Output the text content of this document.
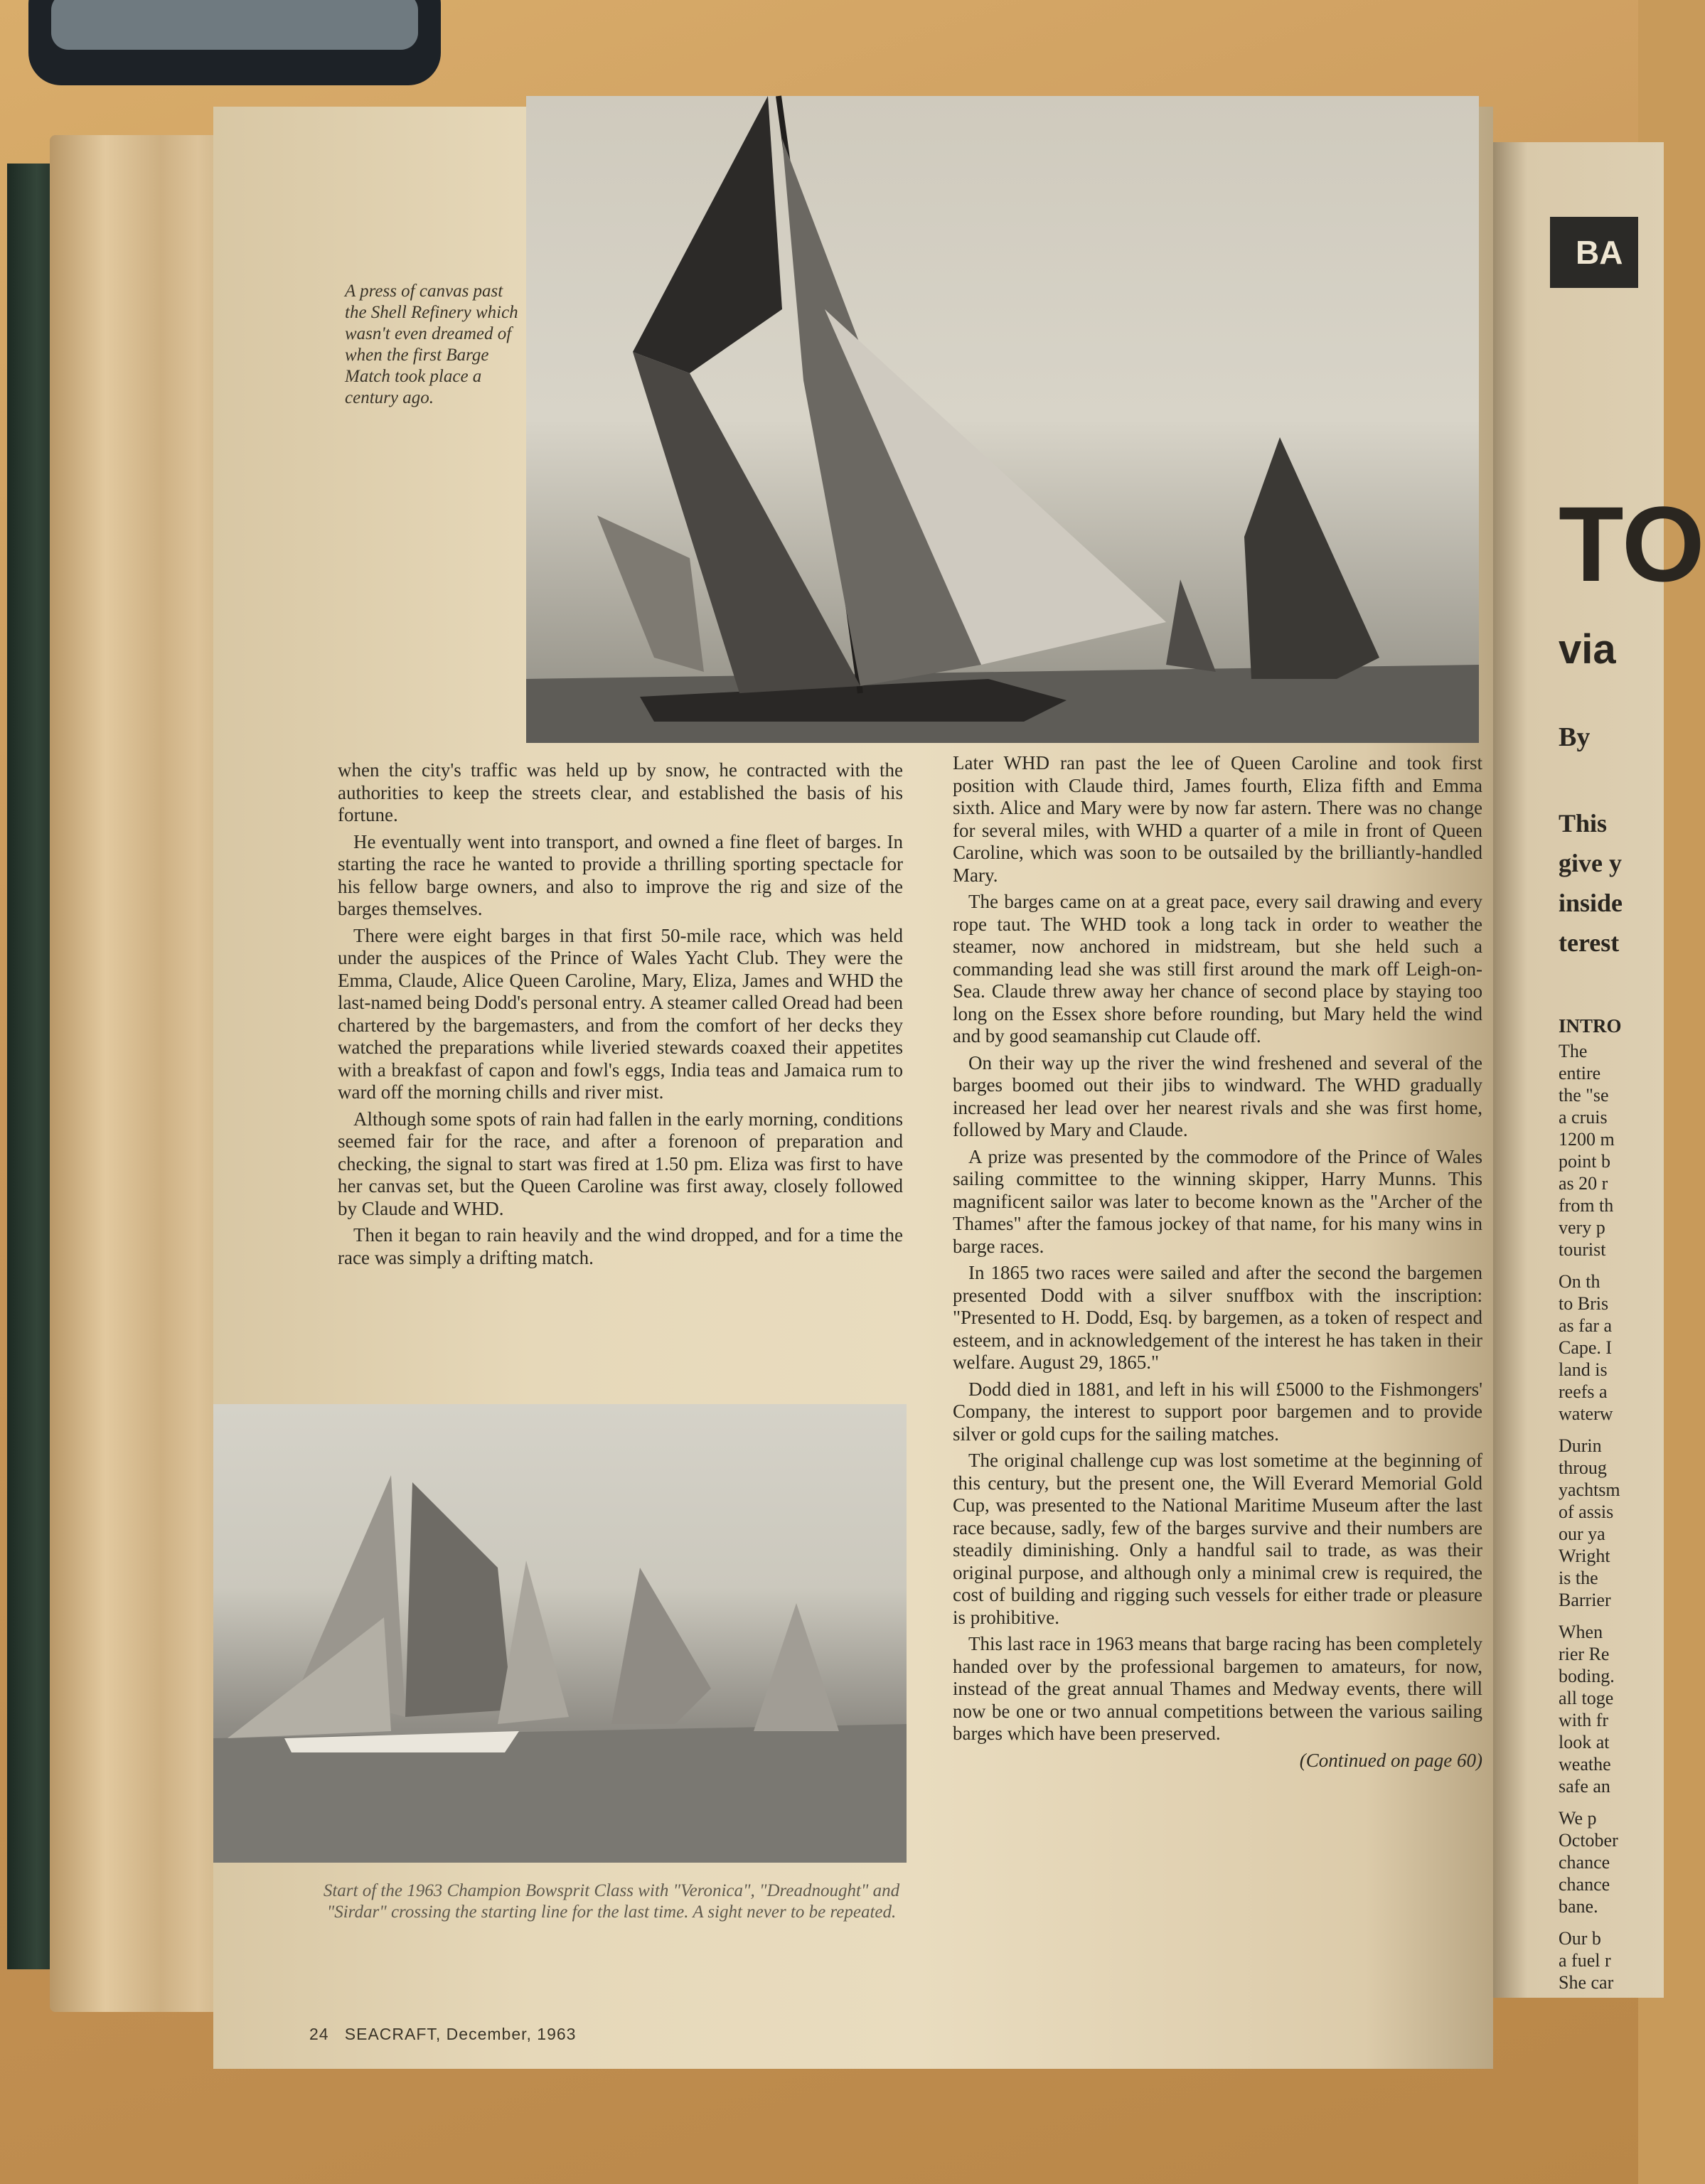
A press of canvas past the Shell Refinery which wasn't even dreamed of when the first Barge Match took place a century ago.

when the city's traffic was held up by snow, he contracted with the authorities to keep the streets clear, and established the basis of his fortune.

He eventually went into transport, and owned a fine fleet of barges. In starting the race he wanted to provide a thrilling sporting spectacle for his fellow barge owners, and also to improve the rig and size of the barges themselves.

There were eight barges in that first 50-mile race, which was held under the auspices of the Prince of Wales Yacht Club. They were the Emma, Claude, Alice Queen Caroline, Mary, Eliza, James and WHD the last-named being Dodd's personal entry. A steamer called Oread had been chartered by the bargemasters, and from the comfort of her decks they watched the preparations while liveried stewards coaxed their appetites with a breakfast of capon and fowl's eggs, India teas and Jamaica rum to ward off the morning chills and river mist.

Although some spots of rain had fallen in the early morning, conditions seemed fair for the race, and after a forenoon of preparation and checking, the signal to start was fired at 1.50 pm. Eliza was first to have her canvas set, but the Queen Caroline was first away, closely followed by Claude and WHD.

Then it began to rain heavily and the wind dropped, and for a time the race was simply a drifting match.

Later WHD ran past the lee of Queen Caroline and took first position with Claude third, James fourth, Eliza fifth and Emma sixth. Alice and Mary were by now far astern. There was no change for several miles, with WHD a quarter of a mile in front of Queen Caroline, which was soon to be outsailed by the brilliantly-handled Mary.

The barges came on at a great pace, every sail drawing and every rope taut. The WHD took a long tack in order to weather the steamer, now anchored in midstream, but she held such a commanding lead she was still first around the mark off Leigh-on-Sea. Claude threw away her chance of second place by staying too long on the Essex shore before rounding, but Mary held the wind and by good seamanship cut Claude off.

On their way up the river the wind freshened and several of the barges boomed out their jibs to windward. The WHD gradually increased her lead over her nearest rivals and she was first home, followed by Mary and Claude.

A prize was presented by the commodore of the Prince of Wales sailing committee to the winning skipper, Harry Munns. This magnificent sailor was later to become known as the "Archer of the Thames" after the famous jockey of that name, for his many wins in barge races.

In 1865 two races were sailed and after the second the bargemen presented Dodd with a silver snuffbox with the inscription: "Presented to H. Dodd, Esq. by bargemen, as a token of respect and esteem, and in acknowledgement of the interest he has taken in their welfare. August 29, 1865."

Dodd died in 1881, and left in his will £5000 to the Fishmongers' Company, the interest to support poor bargemen and to provide silver or gold cups for the sailing matches.

The original challenge cup was lost sometime at the beginning of this century, but the present one, the Will Everard Memorial Gold Cup, was presented to the National Maritime Museum after the last race because, sadly, few of the barges survive and their numbers are steadily diminishing. Only a handful sail to trade, as was their original purpose, and although only a minimal crew is required, the cost of building and rigging such vessels for either trade or pleasure is prohibitive.

This last race in 1963 means that barge racing has been completely handed over by the professional bargemen to amateurs, for now, instead of the great annual Thames and Medway events, there will now be one or two annual competitions between the various sailing barges which have been preserved.

(Continued on page 60)
Start of the 1963 Champion Bowsprit Class with "Veronica", "Dreadnought" and "Sirdar" crossing the starting line for the last time. A sight never to be repeated.
24 SEACRAFT, December, 1963
BA
TO
via
By
This
give y
inside
terest
INTRO
The
entire
the "se
a cruis
1200 m
point b
as 20 r
from th
very p
tourist
On th
to Bris
as far a
Cape. I
land is
reefs a
waterw
Durin
throug
yachtsm
of assis
our ya
Wright
is the
Barrier
When
rier Re
boding.
all toge
with fr
look at
weathe
safe an
We p
October
chance
chance
bane.
Our b
a fuel r
She car
